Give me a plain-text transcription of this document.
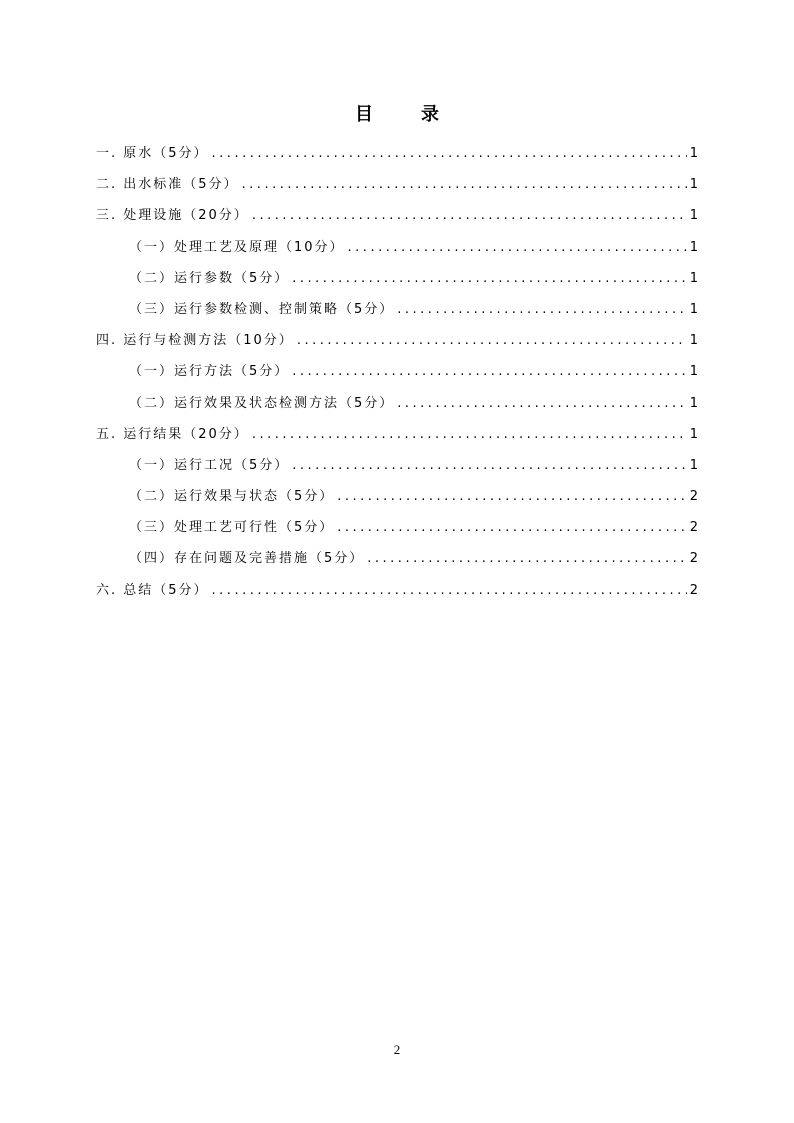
目录
一. 原水（5分） .....	1
二. 出水标准（5分） .....	1
三. 处理设施（20分） .....	1
（一）处理工艺及原理（10分） .....	1
（二）运行参数（5分） .....	1
（三）运行参数检测、控制策略（5分） .....	1
四. 运行与检测方法（10分） .....	1
（一）运行方法（5分） .....	1
（二）运行效果及状态检测方法（5分） .....	1
五. 运行结果（20分） .....	1
（一）运行工况（5分） .....	1
（二）运行效果与状态（5分） .....	2
（三）处理工艺可行性（5分） .....	2
（四）存在问题及完善措施（5分） .....	2
六. 总结（5分） .....	2
2
